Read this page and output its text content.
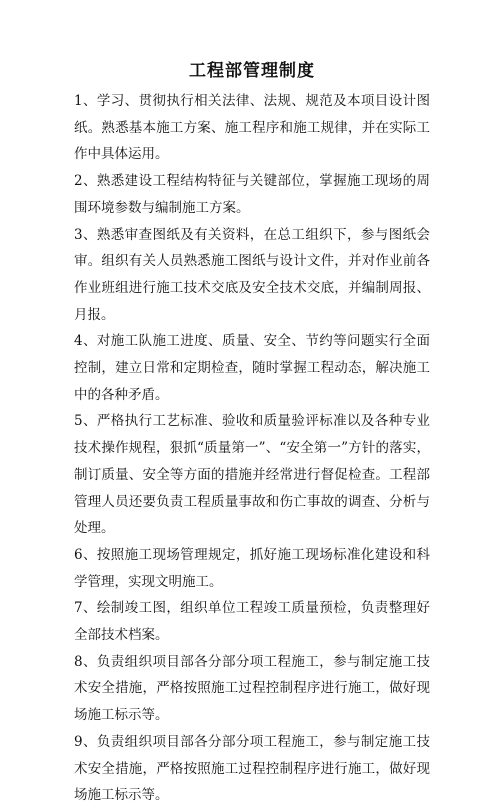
工程部管理制度

1、学习、贯彻执行相关法律、法规、规范及本项目设计图纸。熟悉基本施工方案、施工程序和施工规律，并在实际工作中具体运用。

2、熟悉建设工程结构特征与关键部位，掌握施工现场的周围环境参数与编制施工方案。

3、熟悉审查图纸及有关资料，在总工组织下，参与图纸会审。组织有关人员熟悉施工图纸与设计文件，并对作业前各作业班组进行施工技术交底及安全技术交底，并编制周报、月报。

4、对施工队施工进度、质量、安全、节约等问题实行全面控制，建立日常和定期检查，随时掌握工程动态，解决施工中的各种矛盾。

5、严格执行工艺标准、验收和质量验评标准以及各种专业技术操作规程，狠抓“质量第一”、“安全第一”方针的落实，制订质量、安全等方面的措施并经常进行督促检查。工程部管理人员还要负责工程质量事故和伤亡事故的调查、分析与处理。

6、按照施工现场管理规定，抓好施工现场标准化建设和科学管理，实现文明施工。

7、绘制竣工图，组织单位工程竣工质量预检，负责整理好全部技术档案。

8、负责组织项目部各分部分项工程施工，参与制定施工技术安全措施，严格按照施工过程控制程序进行施工，做好现场施工标示等。

9、负责组织项目部各分部分项工程施工，参与制定施工技术安全措施，严格按照施工过程控制程序进行施工，做好现场施工标示等。
